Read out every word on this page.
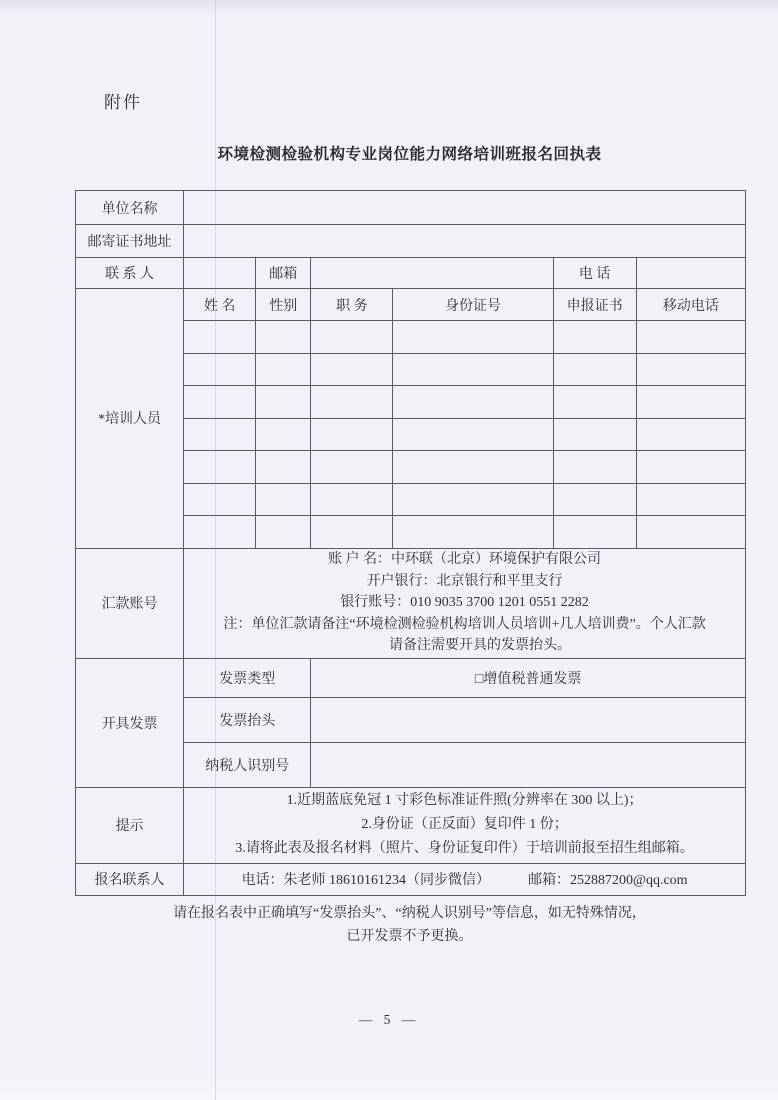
附件
环境检测检验机构专业岗位能力网络培训班报名回执表
单位名称						
邮寄证书地址						
联 系 人		邮箱			电 话	
*培训人员	姓 名	性别	职 务	身份证号	申报证书	移动电话

汇款账号	账 户 名：中环联（北京）环境保护有限公司
开户银行：北京银行和平里支行
银行账号：010 9035 3700 1201 0551 2282
注：单位汇款请备注“环境检测检验机构培训人员培训+几人培训费”。个人汇款
请备注需要开具的发票抬头。					

开具发票	发票类型		□增值税普通发票			
	发票抬头					
	纳税人识别号					
提示	1.近期蓝底免冠 1 寸彩色标准证件照(分辨率在 300 以上)；
2.身份证（正反面）复印件 1 份；
3.请将此表及报名材料（照片、身份证复印件）于培训前报至招生组邮箱。					

报名联系人	电话：朱老师 18610161234（同步微信） 邮箱：252887200@qq.com					
请在报名表中正确填写“发票抬头”、“纳税人识别号”等信息，如无特殊情况，
已开发票不予更换。
— 5 —
